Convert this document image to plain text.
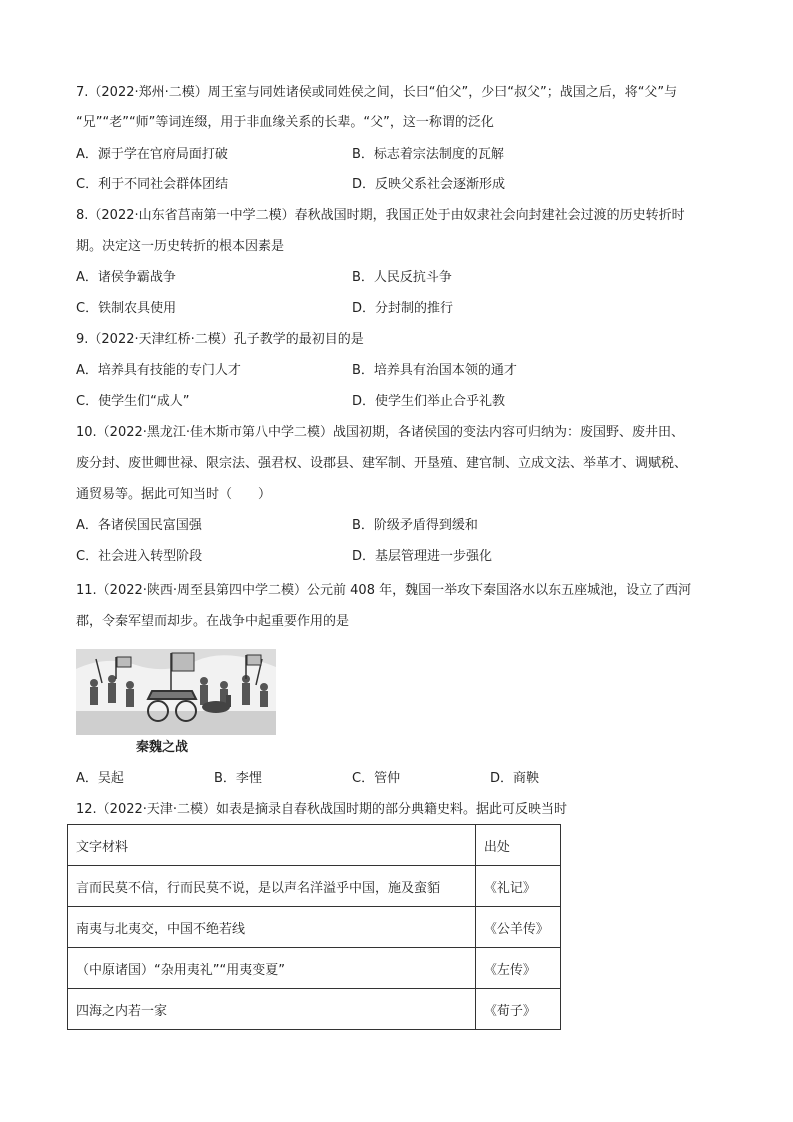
7.（2022·郑州·二模）周王室与同姓诸侯或同姓侯之间，长曰“伯父”，少曰“叔父”；战国之后，将“父”与
“兄”“老”“师”等词连缀，用于非血缘关系的长辈。“父”，这一称谓的泛化
A．源于学在官府局面打破	B．标志着宗法制度的瓦解
C．利于不同社会群体团结	D．反映父系社会逐渐形成
8.（2022·山东省莒南第一中学二模）春秋战国时期，我国正处于由奴隶社会向封建社会过渡的历史转折时
期。决定这一历史转折的根本因素是
A．诸侯争霸战争	B．人民反抗斗争
C．铁制农具使用	D．分封制的推行
9.（2022·天津红桥·二模）孔子教学的最初目的是
A．培养具有技能的专门人才	B．培养具有治国本领的通才
C．使学生们“成人”	D．使学生们举止合乎礼教
10.（2022·黑龙江·佳木斯市第八中学二模）战国初期，各诸侯国的变法内容可归纳为：废国野、废井田、
废分封、废世卿世禄、限宗法、强君权、设郡县、建军制、开垦殖、建官制、立成文法、举革才、调赋税、
通贸易等。据此可知当时（　　）
A．各诸侯国民富国强	B．阶级矛盾得到缓和
C．社会进入转型阶段	D．基层管理进一步强化
11.（2022·陕西·周至县第四中学二模）公元前 408 年，魏国一举攻下秦国洛水以东五座城池，设立了西河
郡，令秦军望而却步。在战争中起重要作用的是
秦魏之战
A．吴起	B．李悝	C．管仲	D．商鞅
12.（2022·天津·二模）如表是摘录自春秋战国时期的部分典籍史料。据此可反映当时
文字材料	出处
言而民莫不信，行而民莫不说，是以声名洋溢乎中国，施及蛮貊	《礼记》
南夷与北夷交，中国不绝若线	《公羊传》
（中原诸国）“杂用夷礼”“用夷变夏”	《左传》
四海之内若一家	《荀子》
